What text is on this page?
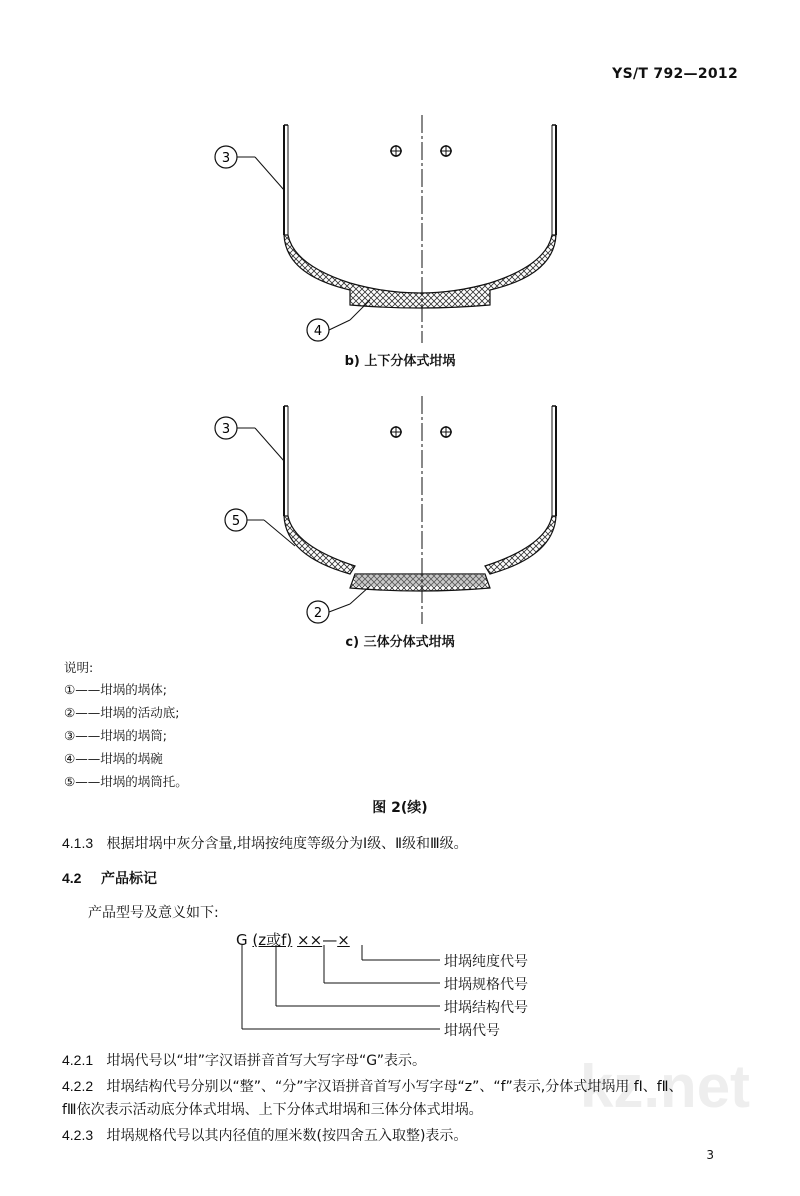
YS/T 792—2012
3
4
b) 上下分体式坩埚
3
5
2
c) 三体分体式坩埚
说明:
①——坩埚的埚体;
②——坩埚的活动底;
③——坩埚的埚筒;
④——坩埚的埚碗
⑤——坩埚的埚筒托。
图 2(续)
4.1.3 根据坩埚中灰分含量,坩埚按纯度等级分为Ⅰ级、Ⅱ级和Ⅲ级。
4.2 产品标记
产品型号及意义如下:
G (z或f) ××—×
坩埚纯度代号
坩埚规格代号
坩埚结构代号
坩埚代号
4.2.1 坩埚代号以“坩”字汉语拼音首写大写字母“G”表示。	kz.net
4.2.2 坩埚结构代号分别以“整”、“分”字汉语拼音首写小写字母“z”、“f”表示,分体式坩埚用 fⅠ、fⅡ、
fⅢ依次表示活动底分体式坩埚、上下分体式坩埚和三体分体式坩埚。
4.2.3 坩埚规格代号以其内径值的厘米数(按四舍五入取整)表示。
3
